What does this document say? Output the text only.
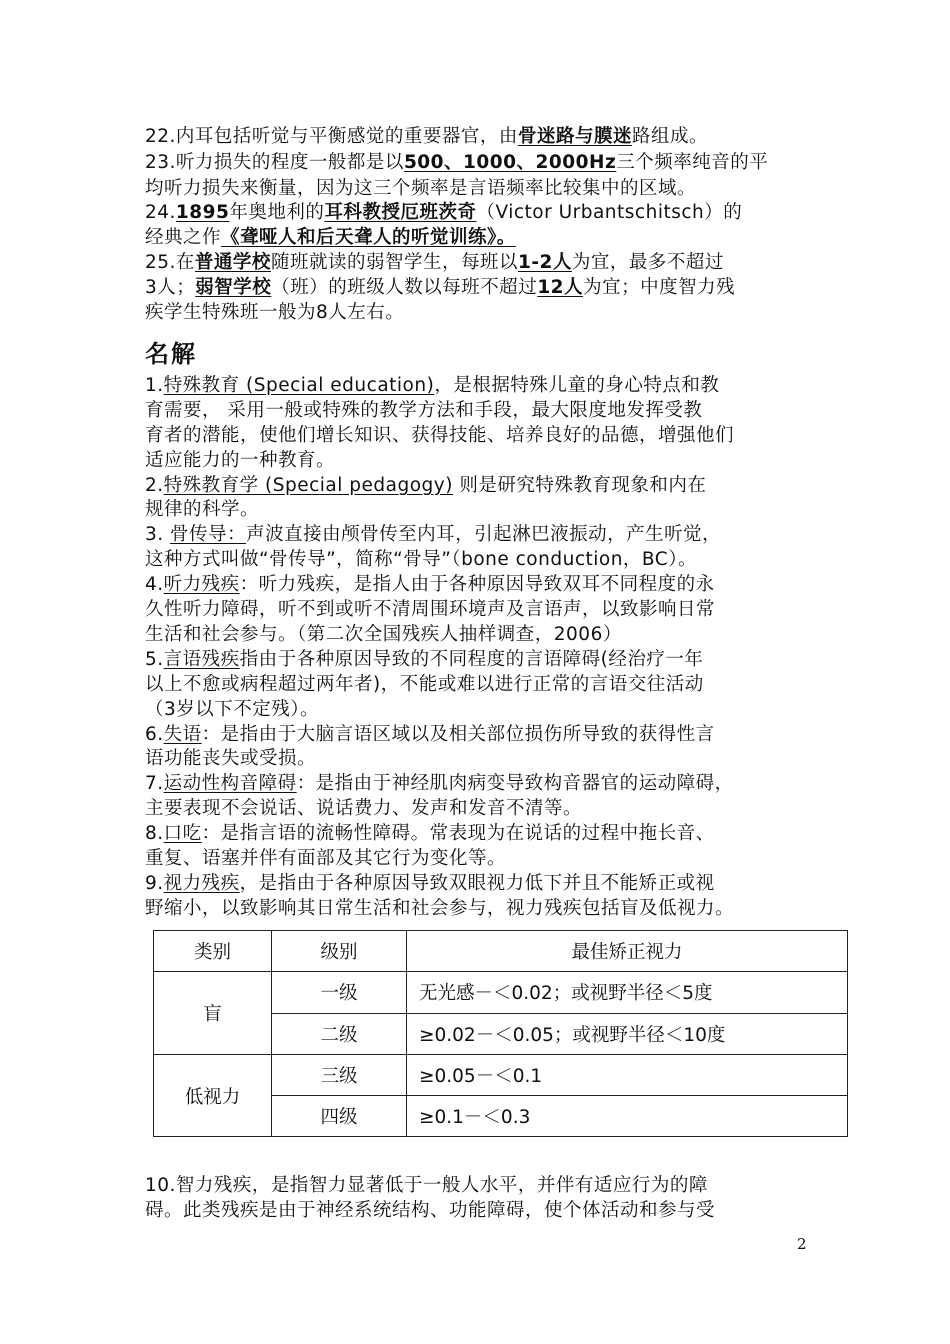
22.内耳包括听觉与平衡感觉的重要器官，由骨迷路与膜迷路组成。
23.听力损失的程度一般都是以500、1000、2000Hz三个频率纯音的平
均听力损失来衡量，因为这三个频率是言语频率比较集中的区域。
24.1895年奥地利的耳科教授厄班茨奇（Victor Urbantschitsch）的
经典之作《聋哑人和后天聋人的听觉训练》。
25.在普通学校随班就读的弱智学生，每班以1-2人为宜，最多不超过
3人；弱智学校（班）的班级人数以每班不超过12人为宜；中度智力残
疾学生特殊班一般为8人左右。
1.特殊教育 (Special education)，是根据特殊儿童的身心特点和教
育需要， 采用一般或特殊的教学方法和手段，最大限度地发挥受教
育者的潜能，使他们增长知识、获得技能、培养良好的品德，增强他们
适应能力的一种教育。
2.特殊教育学 (Special pedagogy) 则是研究特殊教育现象和内在
规律的科学。
3. 骨传导：声波直接由颅骨传至内耳，引起淋巴液振动，产生听觉，
这种方式叫做“骨传导”，简称“骨导”（bone conduction，BC）。
4.听力残疾：听力残疾，是指人由于各种原因导致双耳不同程度的永
久性听力障碍，听不到或听不清周围环境声及言语声，以致影响日常
生活和社会参与。（第二次全国残疾人抽样调查，2006）
5.言语残疾指由于各种原因导致的不同程度的言语障碍(经治疗一年
以上不愈或病程超过两年者)，不能或难以进行正常的言语交往活动
（3岁以下不定残）。
6.失语：是指由于大脑言语区域以及相关部位损伤所导致的获得性言
语功能丧失或受损。
7.运动性构音障碍：是指由于神经肌肉病变导致构音器官的运动障碍，
主要表现不会说话、说话费力、发声和发音不清等。
8.口吃：是指言语的流畅性障碍。常表现为在说话的过程中拖长音、
重复、语塞并伴有面部及其它行为变化等。
9.视力残疾，是指由于各种原因导致双眼视力低下并且不能矫正或视
野缩小，以致影响其日常生活和社会参与，视力残疾包括盲及低视力。
10.智力残疾，是指智力显著低于一般人水平，并伴有适应行为的障
碍。此类残疾是由于神经系统结构、功能障碍，使个体活动和参与受
名解
类别	级别	最佳矫正视力
盲	一级	无光感－＜0.02；或视野半径＜5度
	二级	≥0.02－＜0.05；或视野半径＜10度
低视力	三级	≥0.05－＜0.1
	四级	≥0.1－＜0.3
2
